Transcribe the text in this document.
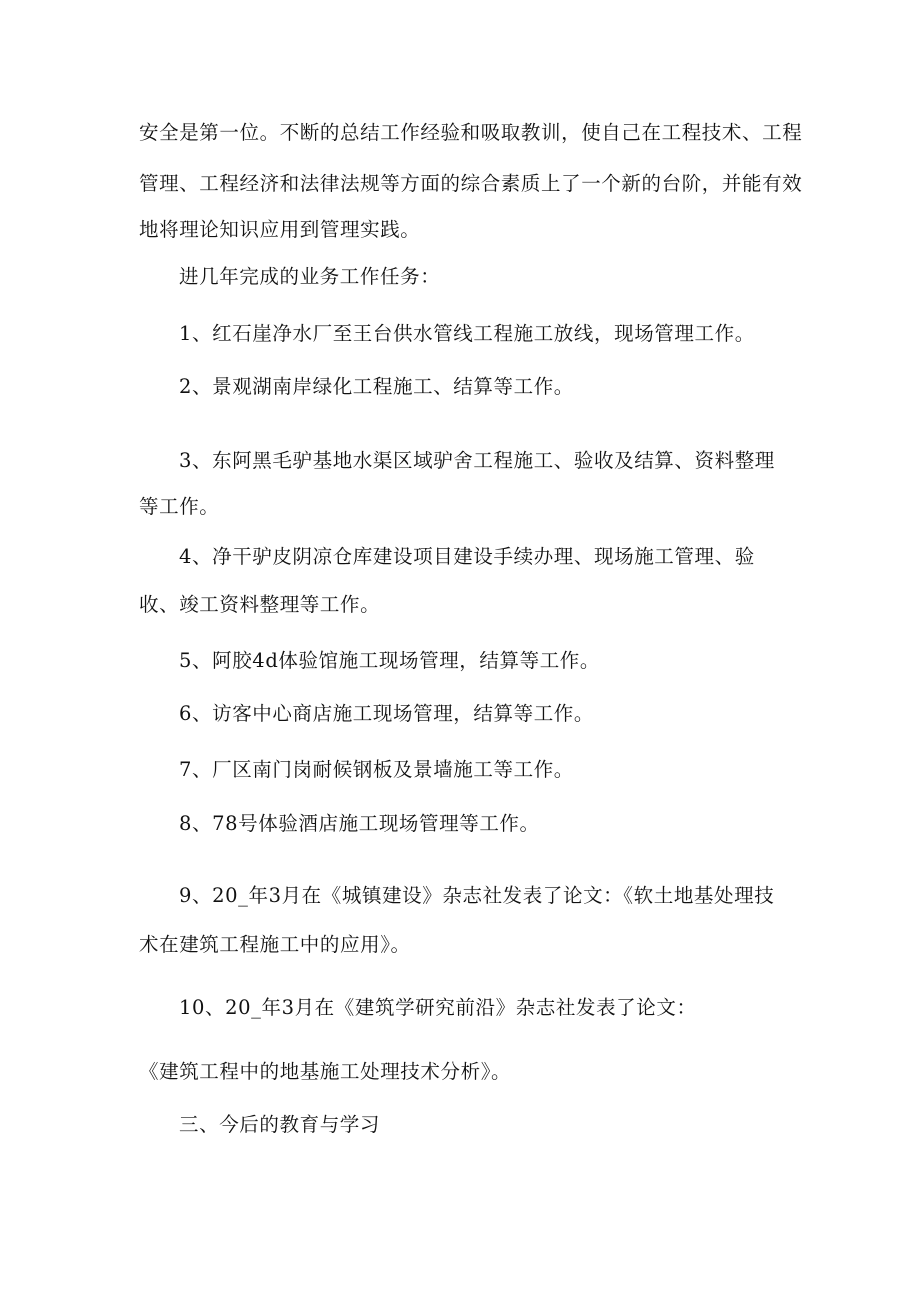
安全是第一位。不断的总结工作经验和吸取教训，使自己在工程技术、工程
管理、工程经济和法律法规等方面的综合素质上了一个新的台阶，并能有效
地将理论知识应用到管理实践。
进几年完成的业务工作任务：
1、红石崖净水厂至王台供水管线工程施工放线，现场管理工作。
2、景观湖南岸绿化工程施工、结算等工作。
3、东阿黑毛驴基地水渠区域驴舍工程施工、验收及结算、资料整理
等工作。
4、净干驴皮阴凉仓库建设项目建设手续办理、现场施工管理、验
收、竣工资料整理等工作。
5、阿胶4d体验馆施工现场管理，结算等工作。
6、访客中心商店施工现场管理，结算等工作。
7、厂区南门岗耐候钢板及景墙施工等工作。
8、78号体验酒店施工现场管理等工作。
9、20_年3月在《城镇建设》杂志社发表了论文：《软土地基处理技
术在建筑工程施工中的应用》。
10、20_年3月在《建筑学研究前沿》杂志社发表了论文：
《建筑工程中的地基施工处理技术分析》。
三、今后的教育与学习
